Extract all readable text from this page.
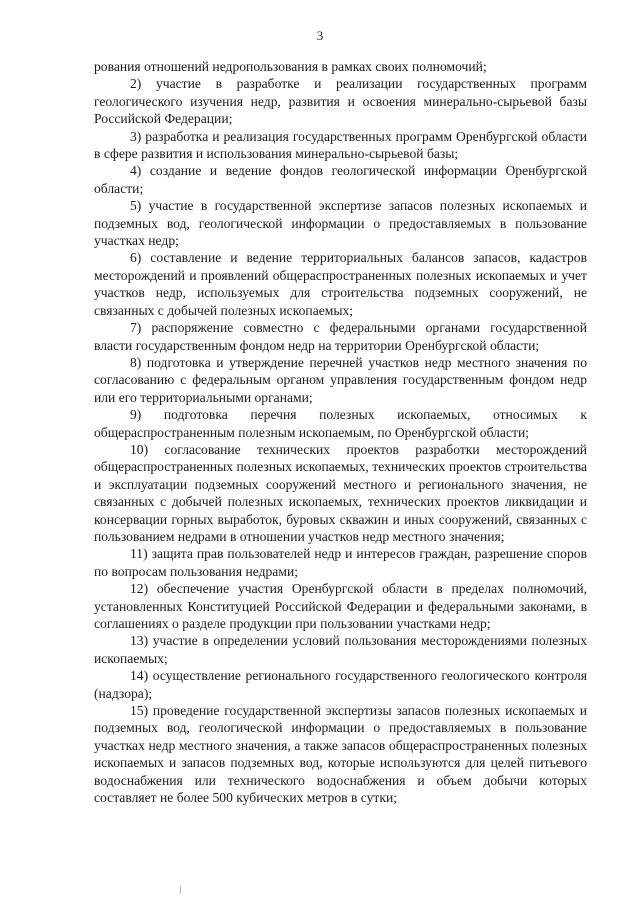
3

рования отношений недропользования в рамках своих полномочий;

2) участие в разработке и реализации государственных программ геологического изучения недр, развития и освоения минерально-сырьевой базы Российской Федерации;

3) разработка и реализация государственных программ Оренбургской области в сфере развития и использования минерально-сырьевой базы;

4) создание и ведение фондов геологической информации Оренбургской области;

5) участие в государственной экспертизе запасов полезных ископаемых и подземных вод, геологической информации о предоставляемых в пользование участках недр;

6) составление и ведение территориальных балансов запасов, кадастров месторождений и проявлений общераспространенных полезных ископаемых и учет участков недр, используемых для строительства подземных сооружений, не связанных с добычей полезных ископаемых;

7) распоряжение совместно с федеральными органами государственной власти государственным фондом недр на территории Оренбургской области;

8) подготовка и утверждение перечней участков недр местного значения по согласованию с федеральным органом управления государственным фондом недр или его территориальными органами;

9) подготовка перечня полезных ископаемых, относимых к общераспространенным полезным ископаемым, по Оренбургской области;

10) согласование технических проектов разработки месторождений общераспространенных полезных ископаемых, технических проектов строительства и эксплуатации подземных сооружений местного и регионального значения, не связанных с добычей полезных ископаемых, технических проектов ликвидации и консервации горных выработок, буровых скважин и иных сооружений, связанных с пользованием недрами в отношении участков недр местного значения;

11) защита прав пользователей недр и интересов граждан, разрешение споров по вопросам пользования недрами;

12) обеспечение участия Оренбургской области в пределах полномочий, установленных Конституцией Российской Федерации и федеральными законами, в соглашениях о разделе продукции при пользовании участками недр;

13) участие в определении условий пользования месторождениями полезных ископаемых;

14) осуществление регионального государственного геологического контроля (надзора);

15) проведение государственной экспертизы запасов полезных ископаемых и подземных вод, геологической информации о предоставляемых в пользование участках недр местного значения, а также запасов общераспространенных полезных ископаемых и запасов подземных вод, которые используются для целей питьевого водоснабжения или технического водоснабжения и объем добычи которых составляет не более 500 кубических метров в сутки;
